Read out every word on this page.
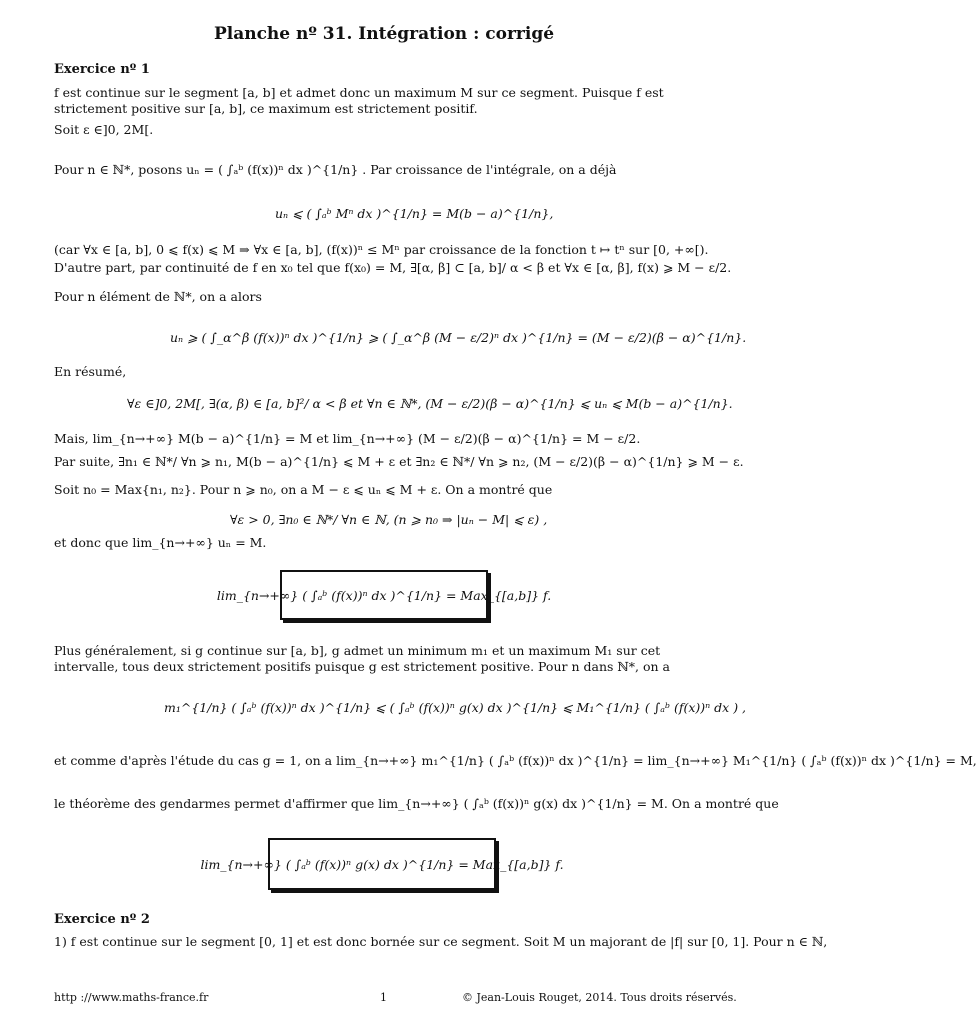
Planche nº 31. Intégration : corrigé
Exercice nº 1
f est continue sur le segment [a, b] et admet donc un maximum M sur ce segment. Puisque f est strictement positive sur [a, b], ce maximum est strictement positif.
Soit ε ∈]0, 2M[.
Pour n ∈ ℕ*, posons uₙ = ( ∫ₐᵇ (f(x))ⁿ dx )^{1/n} . Par croissance de l'intégrale, on a déjà
uₙ ⩽ ( ∫ₐᵇ Mⁿ dx )^{1/n} = M(b − a)^{1/n},
(car ∀x ∈ [a, b], 0 ⩽ f(x) ⩽ M ⇒ ∀x ∈ [a, b], (f(x))ⁿ ≤ Mⁿ par croissance de la fonction t ↦ tⁿ sur [0, +∞[).
D'autre part, par continuité de f en x₀ tel que f(x₀) = M, ∃[α, β] ⊂ [a, b]/ α < β et ∀x ∈ [α, β], f(x) ⩾ M − ε/2.
Pour n élément de ℕ*, on a alors
uₙ ⩾ ( ∫_α^β (f(x))ⁿ dx )^{1/n} ⩾ ( ∫_α^β (M − ε/2)ⁿ dx )^{1/n} = (M − ε/2)(β − α)^{1/n}.
En résumé,
∀ε ∈]0, 2M[, ∃(α, β) ∈ [a, b]²/ α < β et ∀n ∈ ℕ*, (M − ε/2)(β − α)^{1/n} ⩽ uₙ ⩽ M(b − a)^{1/n}.
Mais, lim_{n→+∞} M(b − a)^{1/n} = M et lim_{n→+∞} (M − ε/2)(β − α)^{1/n} = M − ε/2.
Par suite, ∃n₁ ∈ ℕ*/ ∀n ⩾ n₁, M(b − a)^{1/n} ⩽ M + ε et ∃n₂ ∈ ℕ*/ ∀n ⩾ n₂, (M − ε/2)(β − α)^{1/n} ⩾ M − ε.
Soit n₀ = Max{n₁, n₂}. Pour n ⩾ n₀, on a M − ε ⩽ uₙ ⩽ M + ε. On a montré que
∀ε > 0, ∃n₀ ∈ ℕ*/ ∀n ∈ ℕ, (n ⩾ n₀ ⇒ |uₙ − M| ⩽ ε) ,
et donc que lim_{n→+∞} uₙ = M.
lim_{n→+∞} ( ∫ₐᵇ (f(x))ⁿ dx )^{1/n} = Max_{[a,b]} f.
Plus généralement, si g continue sur [a, b], g admet un minimum m₁ et un maximum M₁ sur cet intervalle, tous deux strictement positifs puisque g est strictement positive. Pour n dans ℕ*, on a
m₁^{1/n} ( ∫ₐᵇ (f(x))ⁿ dx )^{1/n} ⩽ ( ∫ₐᵇ (f(x))ⁿ g(x) dx )^{1/n} ⩽ M₁^{1/n} ( ∫ₐᵇ (f(x))ⁿ dx ) ,
et comme d'après l'étude du cas g = 1, on a lim_{n→+∞} m₁^{1/n} ( ∫ₐᵇ (f(x))ⁿ dx )^{1/n} = lim_{n→+∞} M₁^{1/n} ( ∫ₐᵇ (f(x))ⁿ dx )^{1/n} = M,
le théorème des gendarmes permet d'affirmer que lim_{n→+∞} ( ∫ₐᵇ (f(x))ⁿ g(x) dx )^{1/n} = M. On a montré que
lim_{n→+∞} ( ∫ₐᵇ (f(x))ⁿ g(x) dx )^{1/n} = Max_{[a,b]} f.
Exercice nº 2
1) f est continue sur le segment [0, 1] et est donc bornée sur ce segment. Soit M un majorant de |f| sur [0, 1]. Pour n ∈ ℕ,
http ://www.maths-france.fr	1	© Jean-Louis Rouget, 2014. Tous droits réservés.
